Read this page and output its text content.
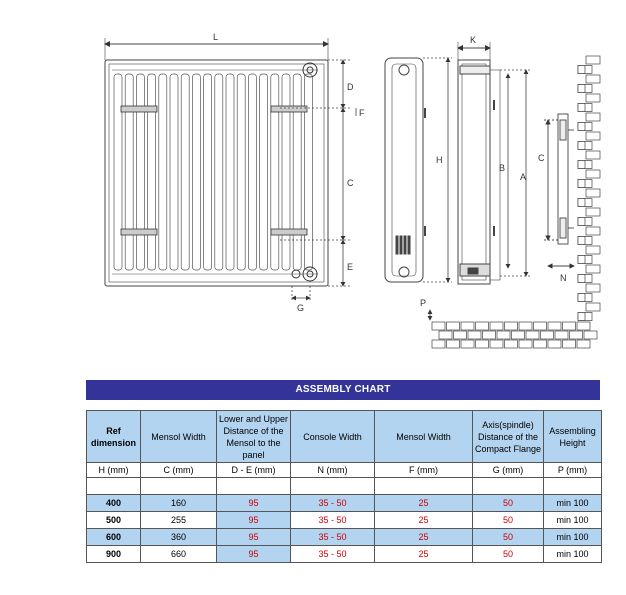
L	K
D
F
C
E
G
H
B
A
C
N
P
ASSEMBLY CHART
Ref dimension	Mensol Width	Lower and Upper Distance of the Mensol to the panel	Console Width	Mensol Width	Axis(spindle) Distance of the Compact Flange	Assembling Height
H (mm)	C (mm)	D - E (mm)	N (mm)	F (mm)	G (mm)	P (mm)

400	160	95	35 - 50	25	50	min 100
500	255	95	35 - 50	25	50	min 100
600	360	95	35 - 50	25	50	min 100
900	660	95	35 - 50	25	50	min 100
